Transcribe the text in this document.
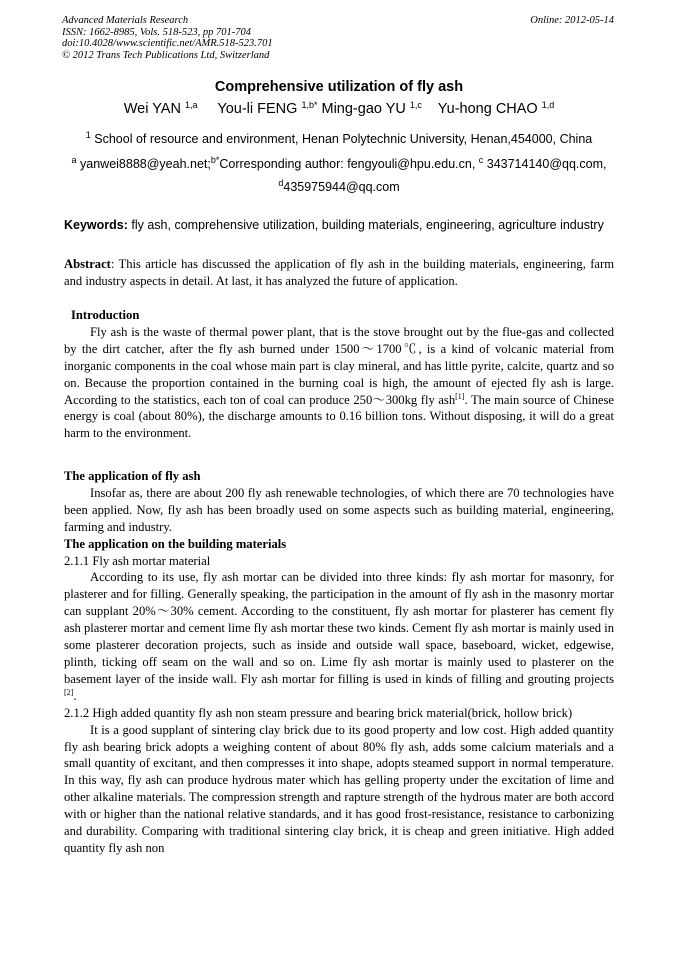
Advanced Materials Research
ISSN: 1662-8985, Vols. 518-523, pp 701-704
doi:10.4028/www.scientific.net/AMR.518-523.701
© 2012 Trans Tech Publications Ltd, Switzerland
Online: 2012-05-14
Comprehensive utilization of fly ash
Wei YAN $^{1,a}$ You-li FENG $^{1,b*}$ Ming-gao YU $^{1,c}$ Yu-hong CHAO $^{1,d}$
$^1$ School of resource and environment, Henan Polytechnic University, Henan,454000, China
$^a$ yanwei8888@yeah.net;$^{b*}$Corresponding author: fengyouli@hpu.edu.cn, $^c$ 343714140@qq.com,
$^d$435975944@qq.com
Keywords: fly ash, comprehensive utilization, building materials, engineering, agriculture industry

Abstract: This article has discussed the application of fly ash in the building materials, engineering, farm and industry aspects in detail. At last, it has analyzed the future of application.

Introduction

Fly ash is the waste of thermal power plant, that is the stove brought out by the flue-gas and collected by the dirt catcher, after the fly ash burned under 1500～1700℃, is a kind of volcanic material from inorganic components in the coal whose main part is clay mineral, and has little pyrite, calcite, quartz and so on. Because the proportion contained in the burning coal is high, the amount of ejected fly ash is large. According to the statistics, each ton of coal can produce 250～300kg fly ash[1]. The main source of Chinese energy is coal (about 80%), the discharge amounts to 0.16 billion tons. Without disposing, it will do a great harm to the environment.

The application of fly ash

Insofar as, there are about 200 fly ash renewable technologies, of which there are 70 technologies have been applied. Now, fly ash has been broadly used on some aspects such as building material, engineering, farming and industry.

The application on the building materials

2.1.1 Fly ash mortar material

According to its use, fly ash mortar can be divided into three kinds: fly ash mortar for masonry, for plasterer and for filling. Generally speaking, the participation in the amount of fly ash in the masonry mortar can supplant 20%～30% cement. According to the constituent, fly ash mortar for plasterer has cement fly ash plasterer mortar and cement lime fly ash mortar these two kinds. Cement fly ash mortar is mainly used in some plasterer decoration projects, such as inside and outside wall space, baseboard, wicket, edgewise, plinth, ticking off seam on the wall and so on. Lime fly ash mortar is mainly used to plasterer on the basement layer of the inside wall. Fly ash mortar for filling is used in kinds of filling and grouting projects [2].

2.1.2 High added quantity fly ash non steam pressure and bearing brick material(brick, hollow brick)

It is a good supplant of sintering clay brick due to its good property and low cost. High added quantity fly ash bearing brick adopts a weighing content of about 80% fly ash, adds some calcium materials and a small quantity of excitant, and then compresses it into shape, adopts steamed support in normal temperature. In this way, fly ash can produce hydrous mater which has gelling property under the excitation of lime and other alkaline materials. The compression strength and rapture strength of the hydrous mater are both accord with or higher than the national relative standards, and it has good frost-resistance, resistance to carbonizing and durability. Comparing with traditional sintering clay brick, it is cheap and green initiative. High added quantity fly ash non
